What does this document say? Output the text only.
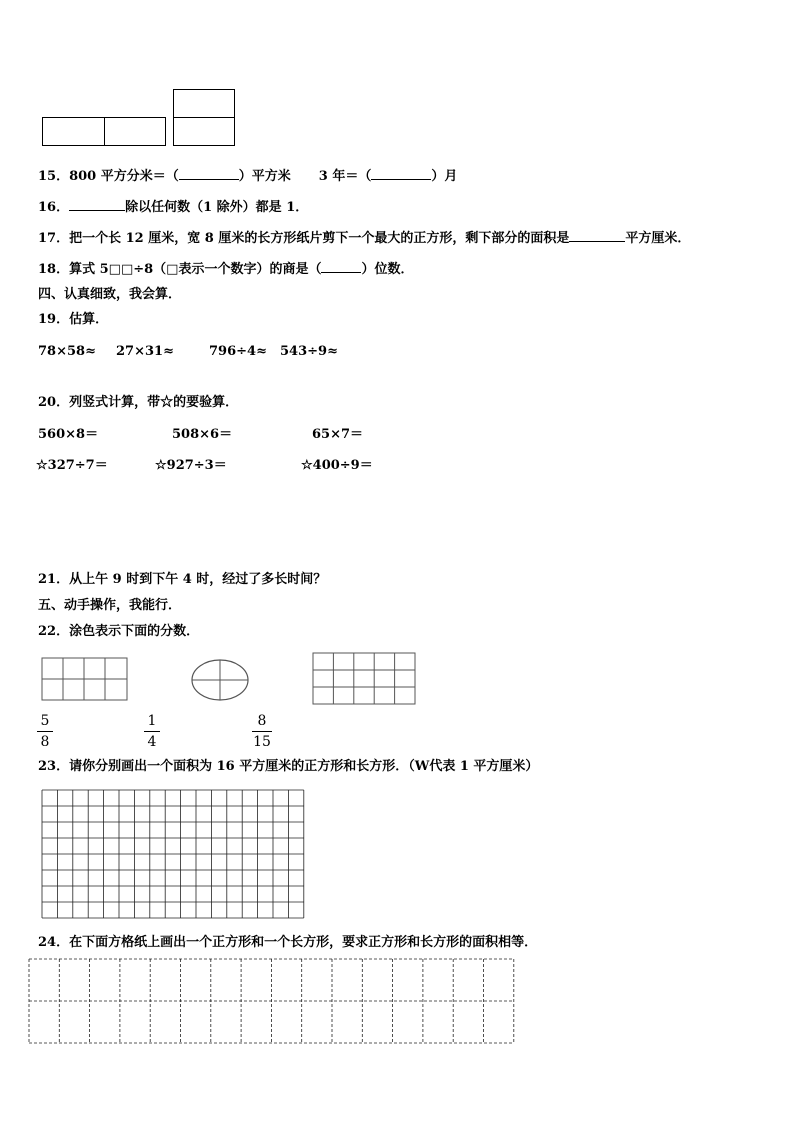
15．800 平方分米＝（	）平方米 3 年＝（	）月
16．	除以任何数（1 除外）都是 1．
17．把一个长 12 厘米，宽 8 厘米的长方形纸片剪下一个最大的正方形，剩下部分的面积是	平方厘米．
18．算式 5□□÷8（□表示一个数字）的商是（	）位数．
四、认真细致，我会算．
19．估算．
78×58≈ 27×31≈	796÷4≈ 543÷9≈
20．列竖式计算，带☆的要验算．
560×8＝	508×6＝	65×7＝
☆327÷7＝	☆927÷3＝	☆400÷9＝
21．从上午 9 时到下午 4 时，经过了多长时间？
五、动手操作，我能行．
22．涂色表示下面的分数．
5
8
1
4
8
15
23．请你分别画出一个面积为 16 平方厘米的正方形和长方形．（W代表 1 平方厘米）
24．在下面方格纸上画出一个正方形和一个长方形，要求正方形和长方形的面积相等．
